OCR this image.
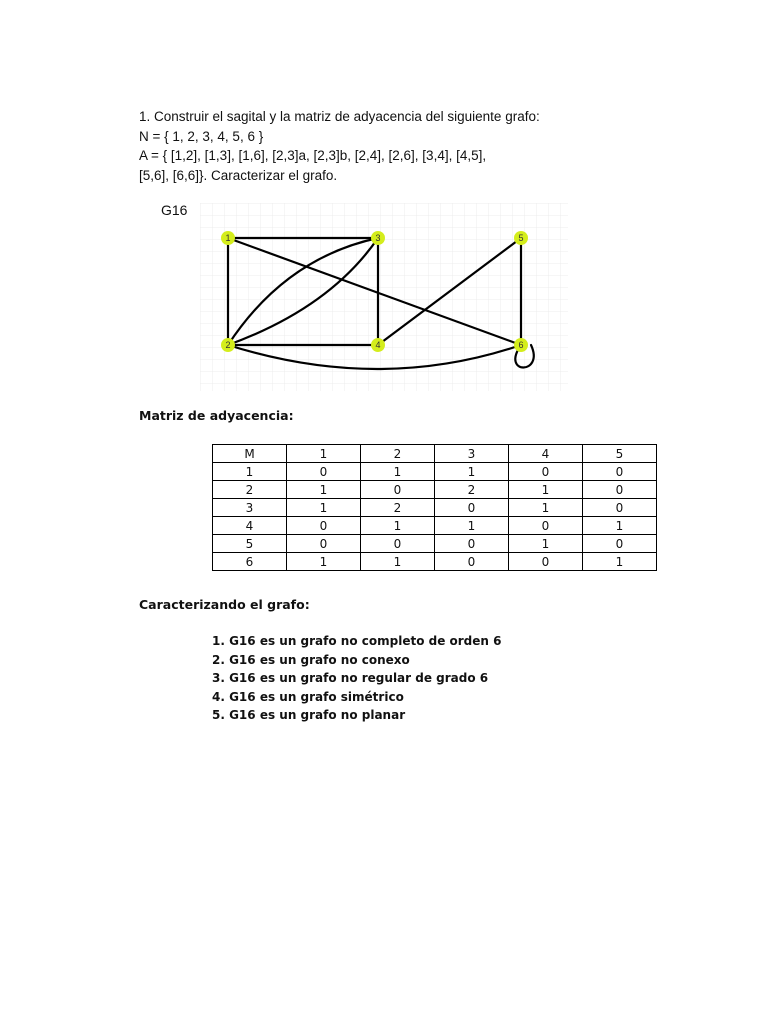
1. Construir el sagital y la matriz de adyacencia del siguiente grafo:

N = { 1, 2, 3, 4, 5, 6 }

A = { [1,2], [1,3], [1,6], [2,3]a, [2,3]b, [2,4], [2,6], [3,4], [4,5],

[5,6], [6,6]}. Caracterizar el grafo.

G16
1
2
3
4
5
6
Matriz de adyacencia:
M	1	2	3	4	5
1	0	1	1	0	0
2	1	0	2	1	0
3	1	2	0	1	0
4	0	1	1	0	1
5	0	0	0	1	0
6	1	1	0	0	1
Caracterizando el grafo:
1. G16 es un grafo no completo de orden 6
2. G16 es un grafo no conexo
3. G16 es un grafo no regular de grado 6
4. G16 es un grafo simétrico
5. G16 es un grafo no planar
